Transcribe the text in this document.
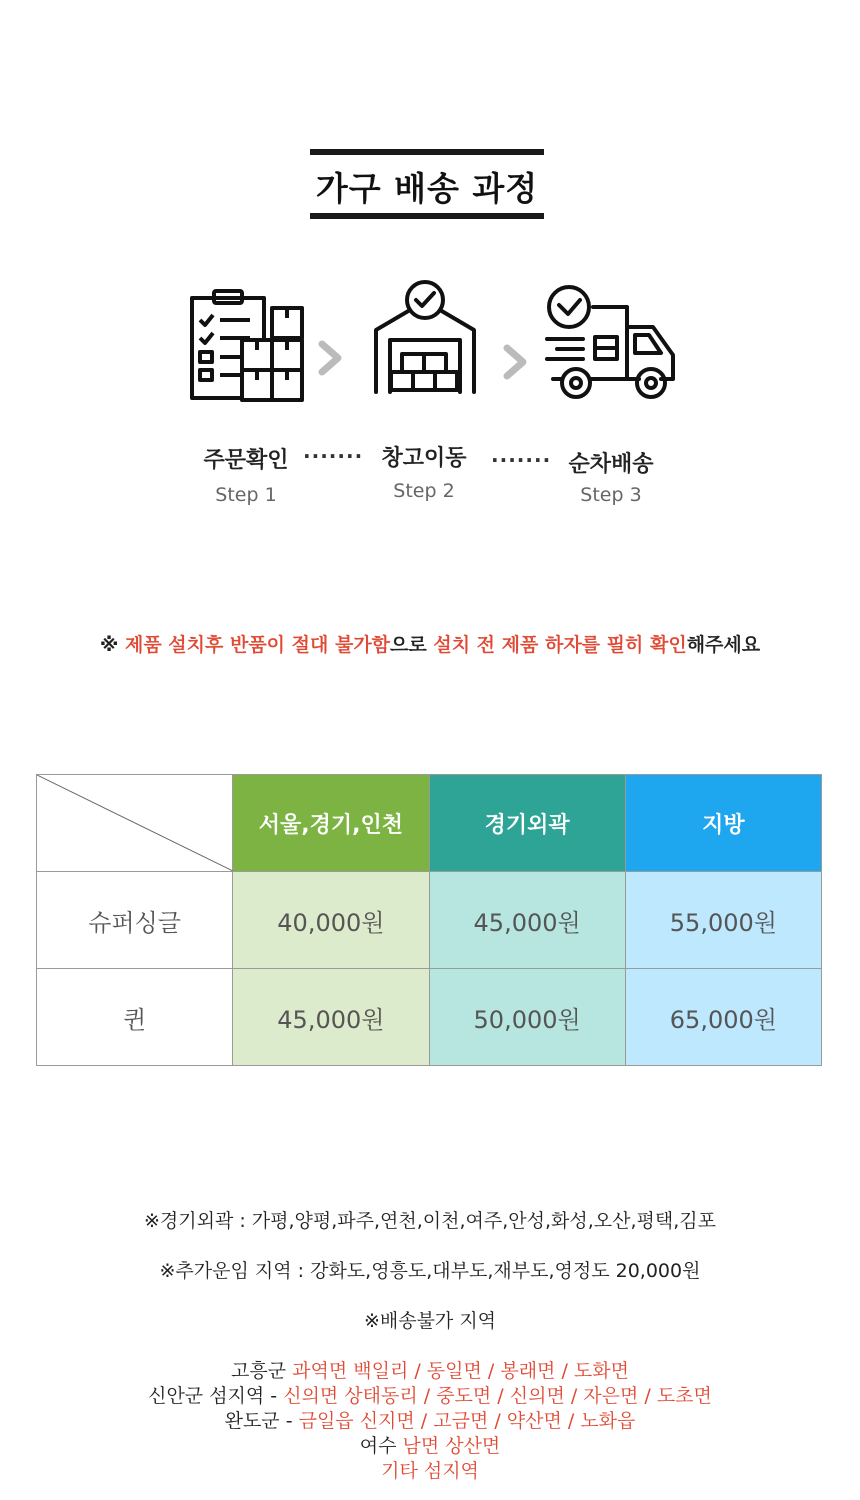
가구 배송 과정
주문확인
Step 1
······· 창고이동
Step 2
······· 순차배송
Step 3
※ 제품 설치후 반품이 절대 불가함으로 설치 전 제품 하자를 필히 확인해주세요
	서울,경기,인천	경기외곽	지방
슈퍼싱글	40,000원	45,000원	55,000원
퀸	45,000원	50,000원	65,000원
※경기외곽 : 가평,양평,파주,연천,이천,여주,안성,화성,오산,평택,김포
※추가운임 지역 : 강화도,영흥도,대부도,재부도,영정도 20,000원
※배송불가 지역
고흥군 과역면 백일리 / 동일면 / 봉래면 / 도화면
신안군 섬지역 - 신의면 상태동리 / 중도면 / 신의면 / 자은면 / 도초면
완도군 - 금일읍 신지면 / 고금면 / 약산면 / 노화읍
여수 남면 상산면
기타 섬지역
